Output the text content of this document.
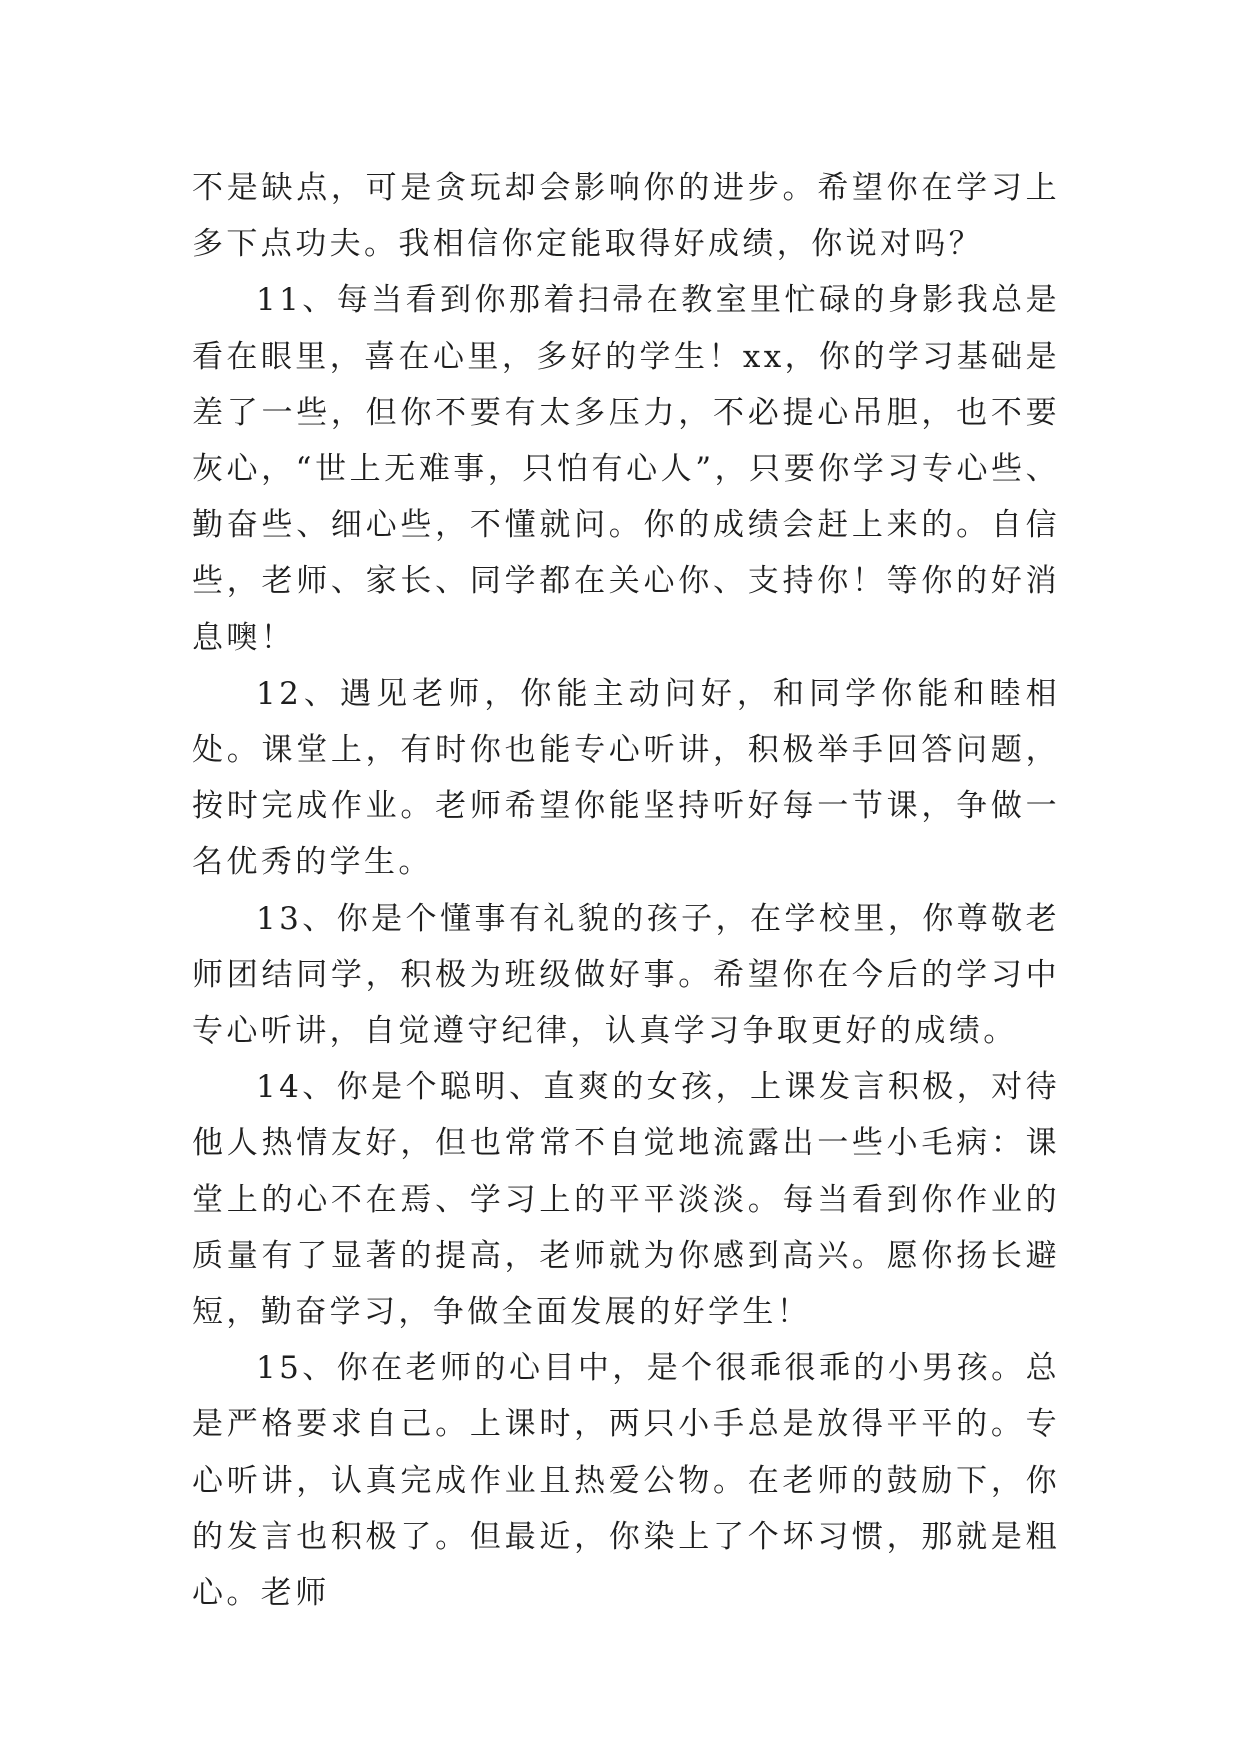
不是缺点，可是贪玩却会影响你的进步。希望你在学习上多下点功夫。我相信你定能取得好成绩，你说对吗？

11、每当看到你那着扫帚在教室里忙碌的身影我总是看在眼里，喜在心里，多好的学生！xx，你的学习基础是差了一些，但你不要有太多压力，不必提心吊胆，也不要灰心，“世上无难事，只怕有心人”，只要你学习专心些、勤奋些、细心些，不懂就问。你的成绩会赶上来的。自信些，老师、家长、同学都在关心你、支持你！等你的好消息噢！

12、遇见老师，你能主动问好，和同学你能和睦相处。课堂上，有时你也能专心听讲，积极举手回答问题，按时完成作业。老师希望你能坚持听好每一节课，争做一名优秀的学生。

13、你是个懂事有礼貌的孩子，在学校里，你尊敬老师团结同学，积极为班级做好事。希望你在今后的学习中专心听讲，自觉遵守纪律，认真学习争取更好的成绩。

14、你是个聪明、直爽的女孩，上课发言积极，对待他人热情友好，但也常常不自觉地流露出一些小毛病：课堂上的心不在焉、学习上的平平淡淡。每当看到你作业的质量有了显著的提高，老师就为你感到高兴。愿你扬长避短，勤奋学习，争做全面发展的好学生！

15、你在老师的心目中，是个很乖很乖的小男孩。总是严格要求自己。上课时，两只小手总是放得平平的。专心听讲，认真完成作业且热爱公物。在老师的鼓励下，你的发言也积极了。但最近，你染上了个坏习惯，那就是粗心。老师
